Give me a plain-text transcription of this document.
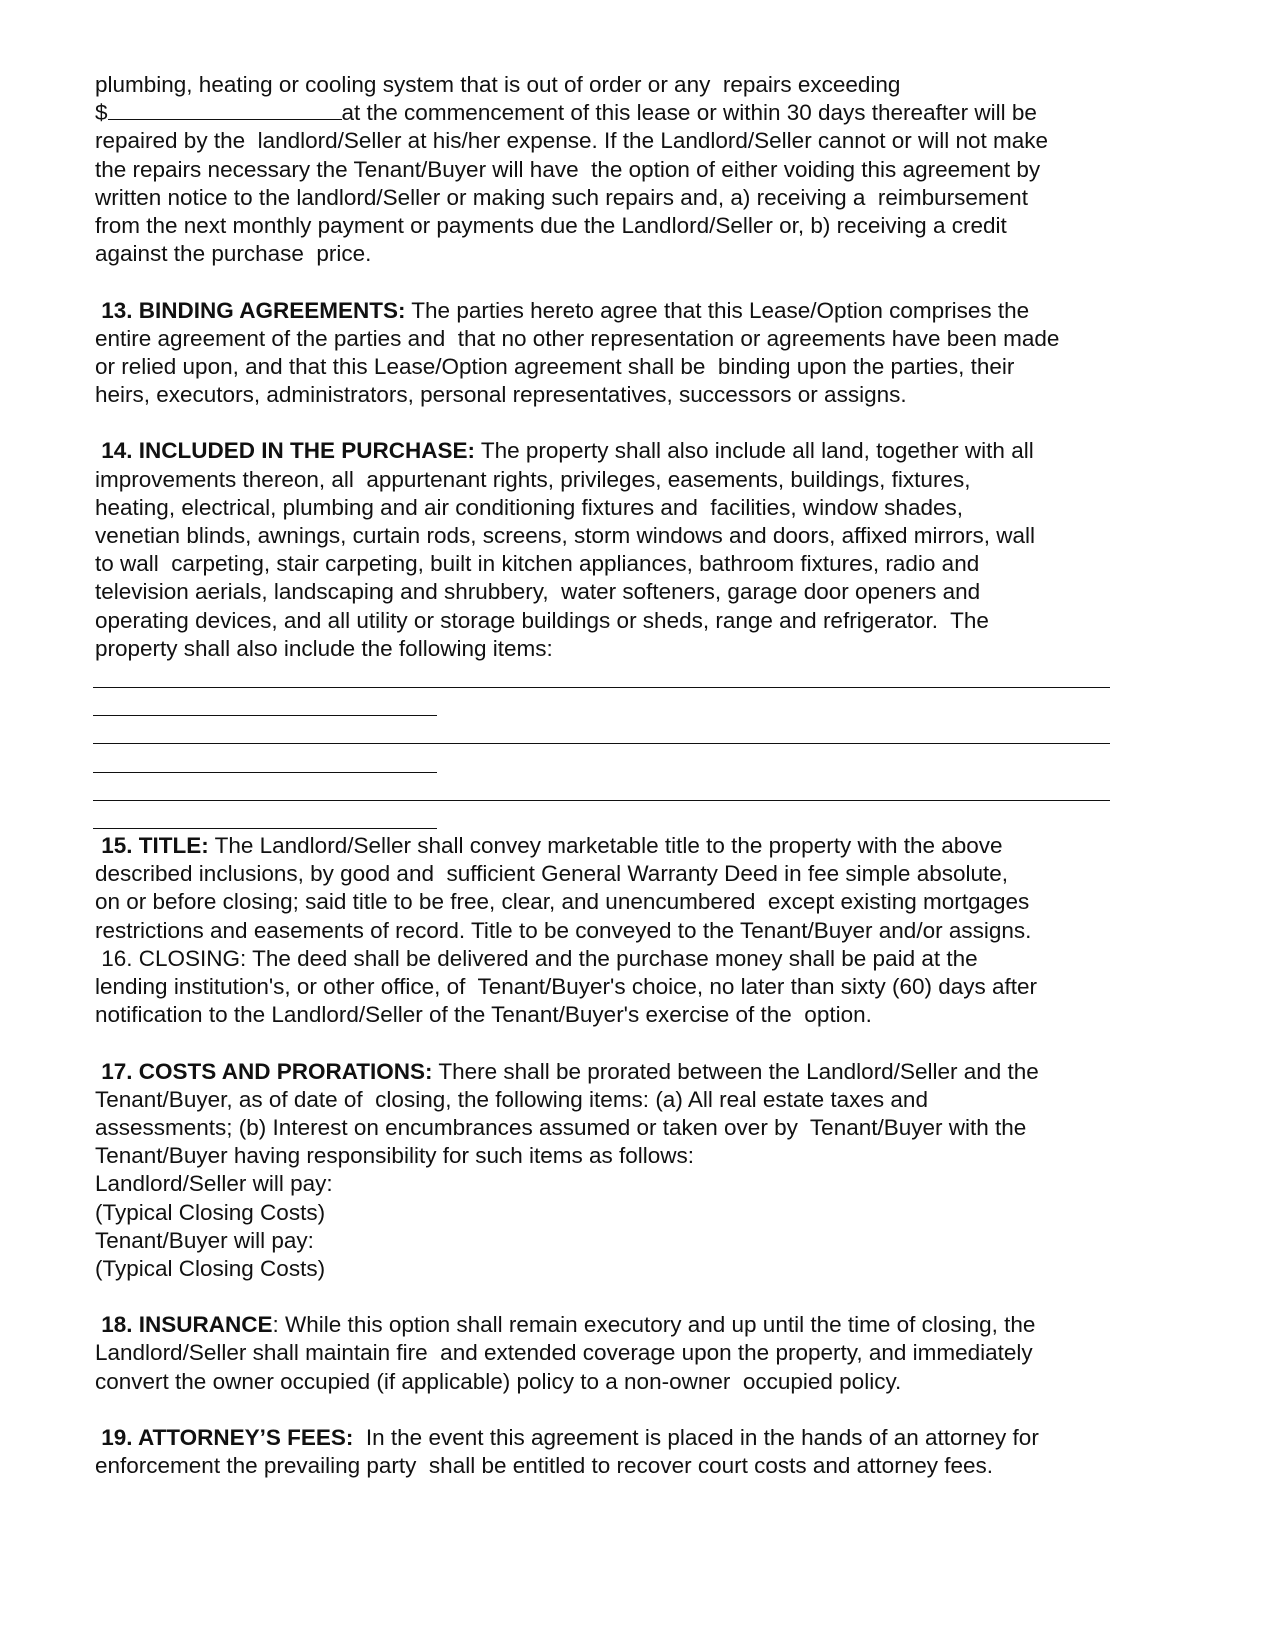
plumbing, heating or cooling system that is out of order or any  repairs exceeding
$	at the commencement of this lease or within 30 days thereafter will be
repaired by the  landlord/Seller at his/her expense. If the Landlord/Seller cannot or will not make
the repairs necessary the Tenant/Buyer will have  the option of either voiding this agreement by
written notice to the landlord/Seller or making such repairs and, a) receiving a  reimbursement
from the next monthly payment or payments due the Landlord/Seller or, b) receiving a credit
against the purchase  price.
13. BINDING AGREEMENTS: The parties hereto agree that this Lease/Option comprises the
entire agreement of the parties and  that no other representation or agreements have been made
or relied upon, and that this Lease/Option agreement shall be  binding upon the parties, their
heirs, executors, administrators, personal representatives, successors or assigns.
14. INCLUDED IN THE PURCHASE: The property shall also include all land, together with all
improvements thereon, all  appurtenant rights, privileges, easements, buildings, fixtures,
heating, electrical, plumbing and air conditioning fixtures and  facilities, window shades,
venetian blinds, awnings, curtain rods, screens, storm windows and doors, affixed mirrors, wall
to wall  carpeting, stair carpeting, built in kitchen appliances, bathroom fixtures, radio and
television aerials, landscaping and shrubbery,  water softeners, garage door openers and
operating devices, and all utility or storage buildings or sheds, range and refrigerator.  The
property shall also include the following items:
15. TITLE: The Landlord/Seller shall convey marketable title to the property with the above
described inclusions, by good and  sufficient General Warranty Deed in fee simple absolute,
on or before closing; said title to be free, clear, and unencumbered  except existing mortgages
restrictions and easements of record. Title to be conveyed to the Tenant/Buyer and/or assigns.
16. CLOSING: The deed shall be delivered and the purchase money shall be paid at the
lending institution's, or other office, of  Tenant/Buyer's choice, no later than sixty (60) days after
notification to the Landlord/Seller of the Tenant/Buyer's exercise of the  option.
17. COSTS AND PRORATIONS: There shall be prorated between the Landlord/Seller and the
Tenant/Buyer, as of date of  closing, the following items: (a) All real estate taxes and
assessments; (b) Interest on encumbrances assumed or taken over by  Tenant/Buyer with the
Tenant/Buyer having responsibility for such items as follows:
Landlord/Seller will pay:
(Typical Closing Costs)
Tenant/Buyer will pay:
(Typical Closing Costs)
18. INSURANCE: While this option shall remain executory and up until the time of closing, the
Landlord/Seller shall maintain fire  and extended coverage upon the property, and immediately
convert the owner occupied (if applicable) policy to a non-owner  occupied policy.
19. ATTORNEY’S FEES:  In the event this agreement is placed in the hands of an attorney for
enforcement the prevailing party  shall be entitled to recover court costs and attorney fees.
